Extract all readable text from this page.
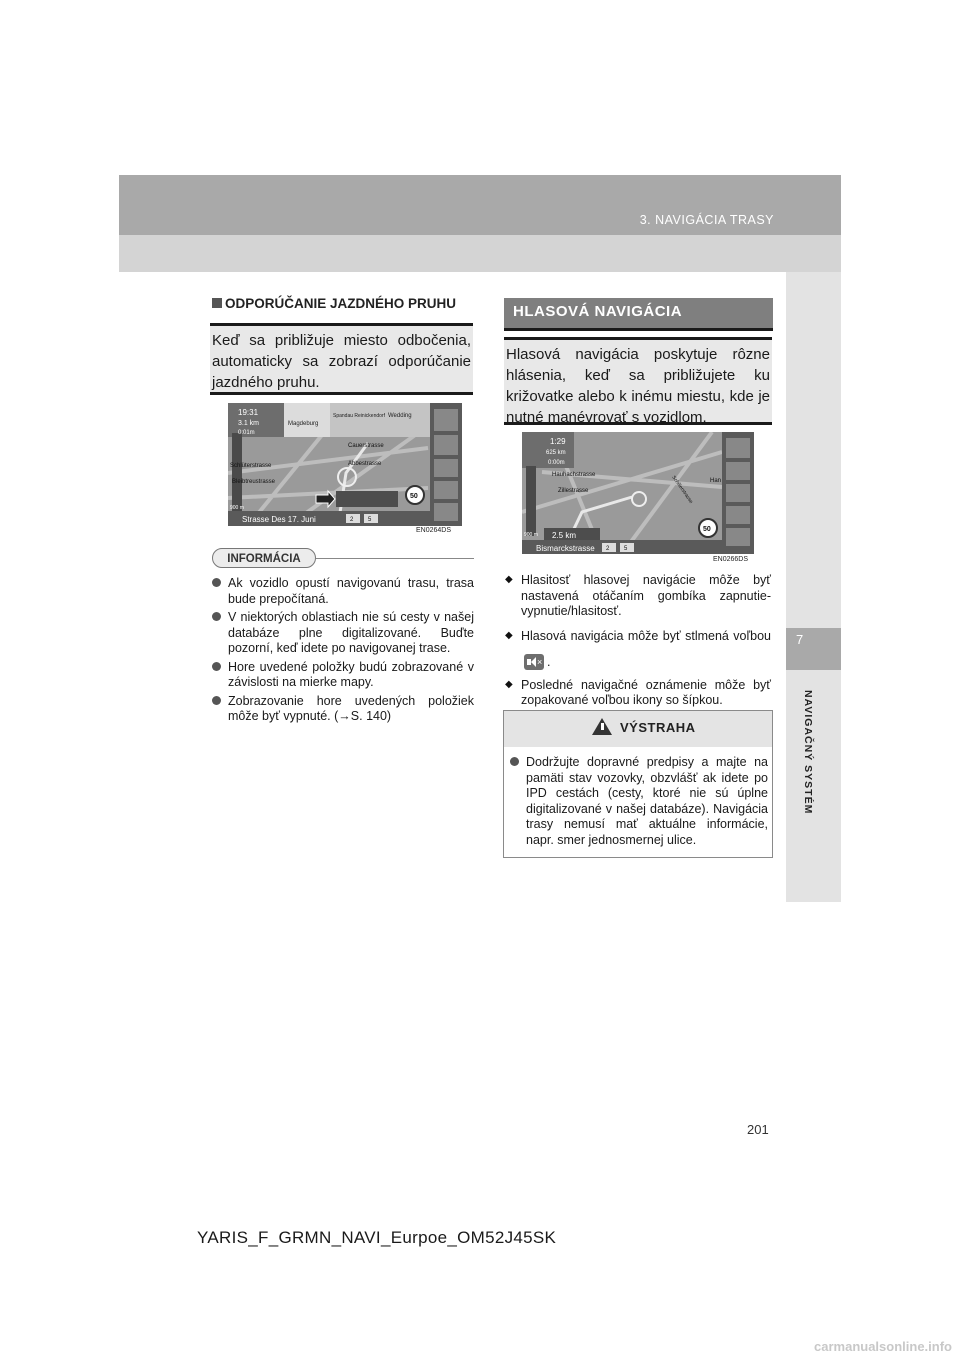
3. NAVIGÁCIA TRASY
7
NAVIGAČNÝ SYSTÉM
ODPORÚČANIE JAZDNÉHO PRUHU
Keď sa približuje miesto odbočenia, automaticky sa zobrazí odporúčanie jazdného pruhu.
19:31
3.1 km
0:01m
Magdeburg
Spandau Reinickendorf Wedding
Cauerstrasse
Abbestrasse
Schlüterstrasse
Bleibtreustrasse
50
900 m
Strasse Des 17. Juni	2 5
EN0264DS
INFORMÁCIA
Ak vozidlo opustí navigovanú trasu, trasa bude prepočítaná.
V niektorých oblastiach nie sú cesty v našej databáze plne digitalizované. Buďte pozorní, keď idete po navigovanej trase.
Hore uvedené položky budú zobrazované v závislosti na mierke mapy.
Zobrazovanie hore uvedených položiek môže byť vypnuté. (→S. 140)
HLASOVÁ NAVIGÁCIA
Hlasová navigácia poskytuje rôzne hlásenia, keď sa približujete ku križovatke alebo k inému miestu, kde je nutné manévrovať s vozidlom.
1:29
625 km
0:00m
Hauhachstrasse
Zillestrasse	Schillerstrasse	Han
50
900 m 2.5 km
Bismarckstrasse 2 5
EN0266DS
◆ Hlasitosť hlasovej navigácie môže byť nastavená otáčaním gombíka zapnutie-vypnutie/hlasitosť.
◆ Hlasová navigácia môže byť stlmená voľbou
× .
◆ Posledné navigačné oznámenie môže byť zopakované voľbou ikony so šípkou.
VÝSTRAHA
Dodržujte dopravné predpisy a majte na pamäti stav vozovky, obzvlášť ak idete po IPD cestách (cesty, ktoré nie sú úplne digitalizované v našej databáze). Navigácia trasy nemusí mať aktuálne informácie, napr. smer jednosmernej ulice.
201
YARIS_F_GRMN_NAVI_Eurpoe_OM52J45SK
carmanualsonline.info
